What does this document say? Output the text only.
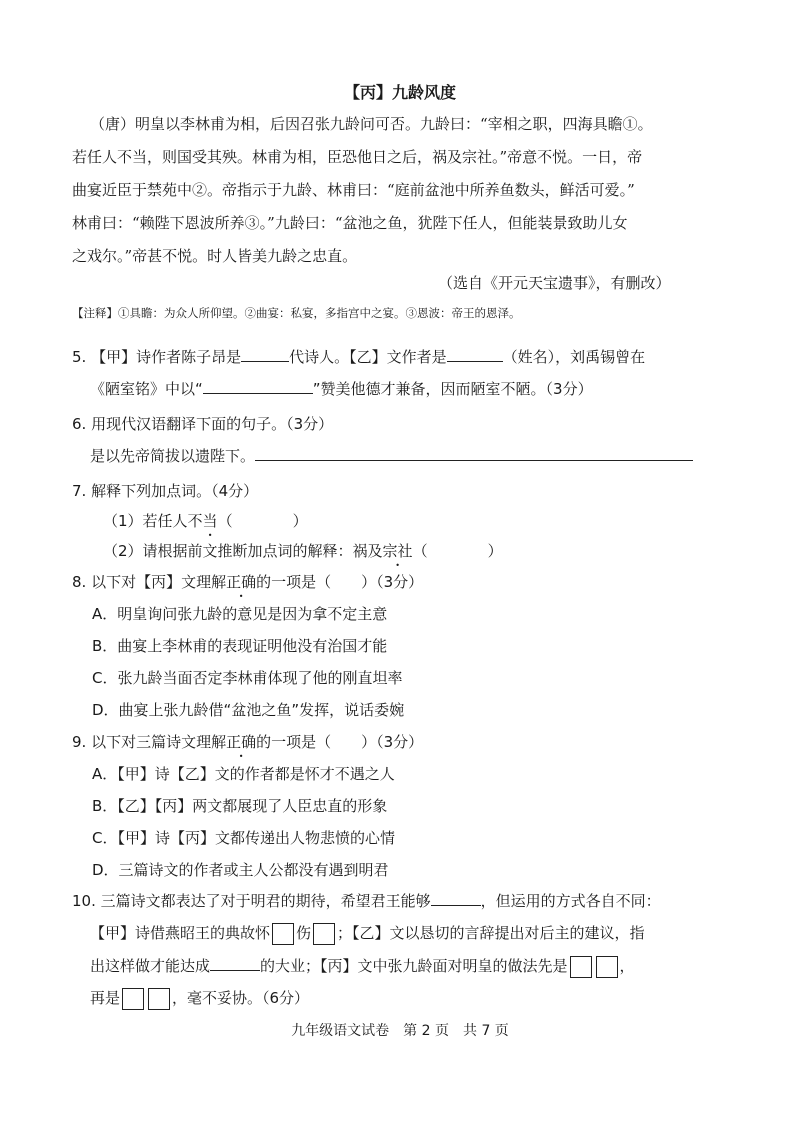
【丙】九龄风度
（唐）明皇以李林甫为相，后因召张九龄问可否。九龄曰：“宰相之职，四海具瞻①。
若任人不当，则国受其殃。林甫为相，臣恐他日之后，祸及宗社。”帝意不悦。一日，帝
曲宴近臣于禁苑中②。帝指示于九龄、林甫曰：“庭前盆池中所养鱼数头，鲜活可爱。”
林甫曰：“赖陛下恩波所养③。”九龄曰：“盆池之鱼，犹陛下任人，但能装景致助儿女
之戏尔。”帝甚不悦。时人皆美九龄之忠直。
（选自《开元天宝遗事》，有删改）
【注释】①具瞻：为众人所仰望。②曲宴：私宴，多指宫中之宴。③恩波：帝王的恩泽。
5. 【甲】诗作者陈子昂是	代诗人。【乙】文作者是	（姓名），刘禹锡曾在
《陋室铭》中以“	”赞美他德才兼备，因而陋室不陋。（3分）
6. 用现代汉语翻译下面的句子。（3分）
是以先帝简拔以遗陛下。
7. 解释下列加点词。（4分）
（1）若任人不当（　　　　）
（2）请根据前文推断加点词的解释：祸及宗社（　　　　）
8. 以下对【丙】文理解正确的一项是（　　）（3分）
A．明皇询问张九龄的意见是因为拿不定主意
B．曲宴上李林甫的表现证明他没有治国才能
C．张九龄当面否定李林甫体现了他的刚直坦率
D．曲宴上张九龄借“盆池之鱼”发挥，说话委婉
9. 以下对三篇诗文理解正确的一项是（　　）（3分）
A．【甲】诗【乙】文的作者都是怀才不遇之人
B．【乙】【丙】两文都展现了人臣忠直的形象
C．【甲】诗【丙】文都传递出人物悲愤的心情
D．三篇诗文的作者或主人公都没有遇到明君
10. 三篇诗文都表达了对于明君的期待，希望君王能够	，但运用的方式各自不同：
【甲】诗借燕昭王的典故怀 伤 ；【乙】文以恳切的言辞提出对后主的建议，指
出这样做才能达成	的大业；【丙】文中张九龄面对明皇的做法先是	，
再是	，毫不妥协。（6分）
九年级语文试卷　第 2 页　共 7 页
